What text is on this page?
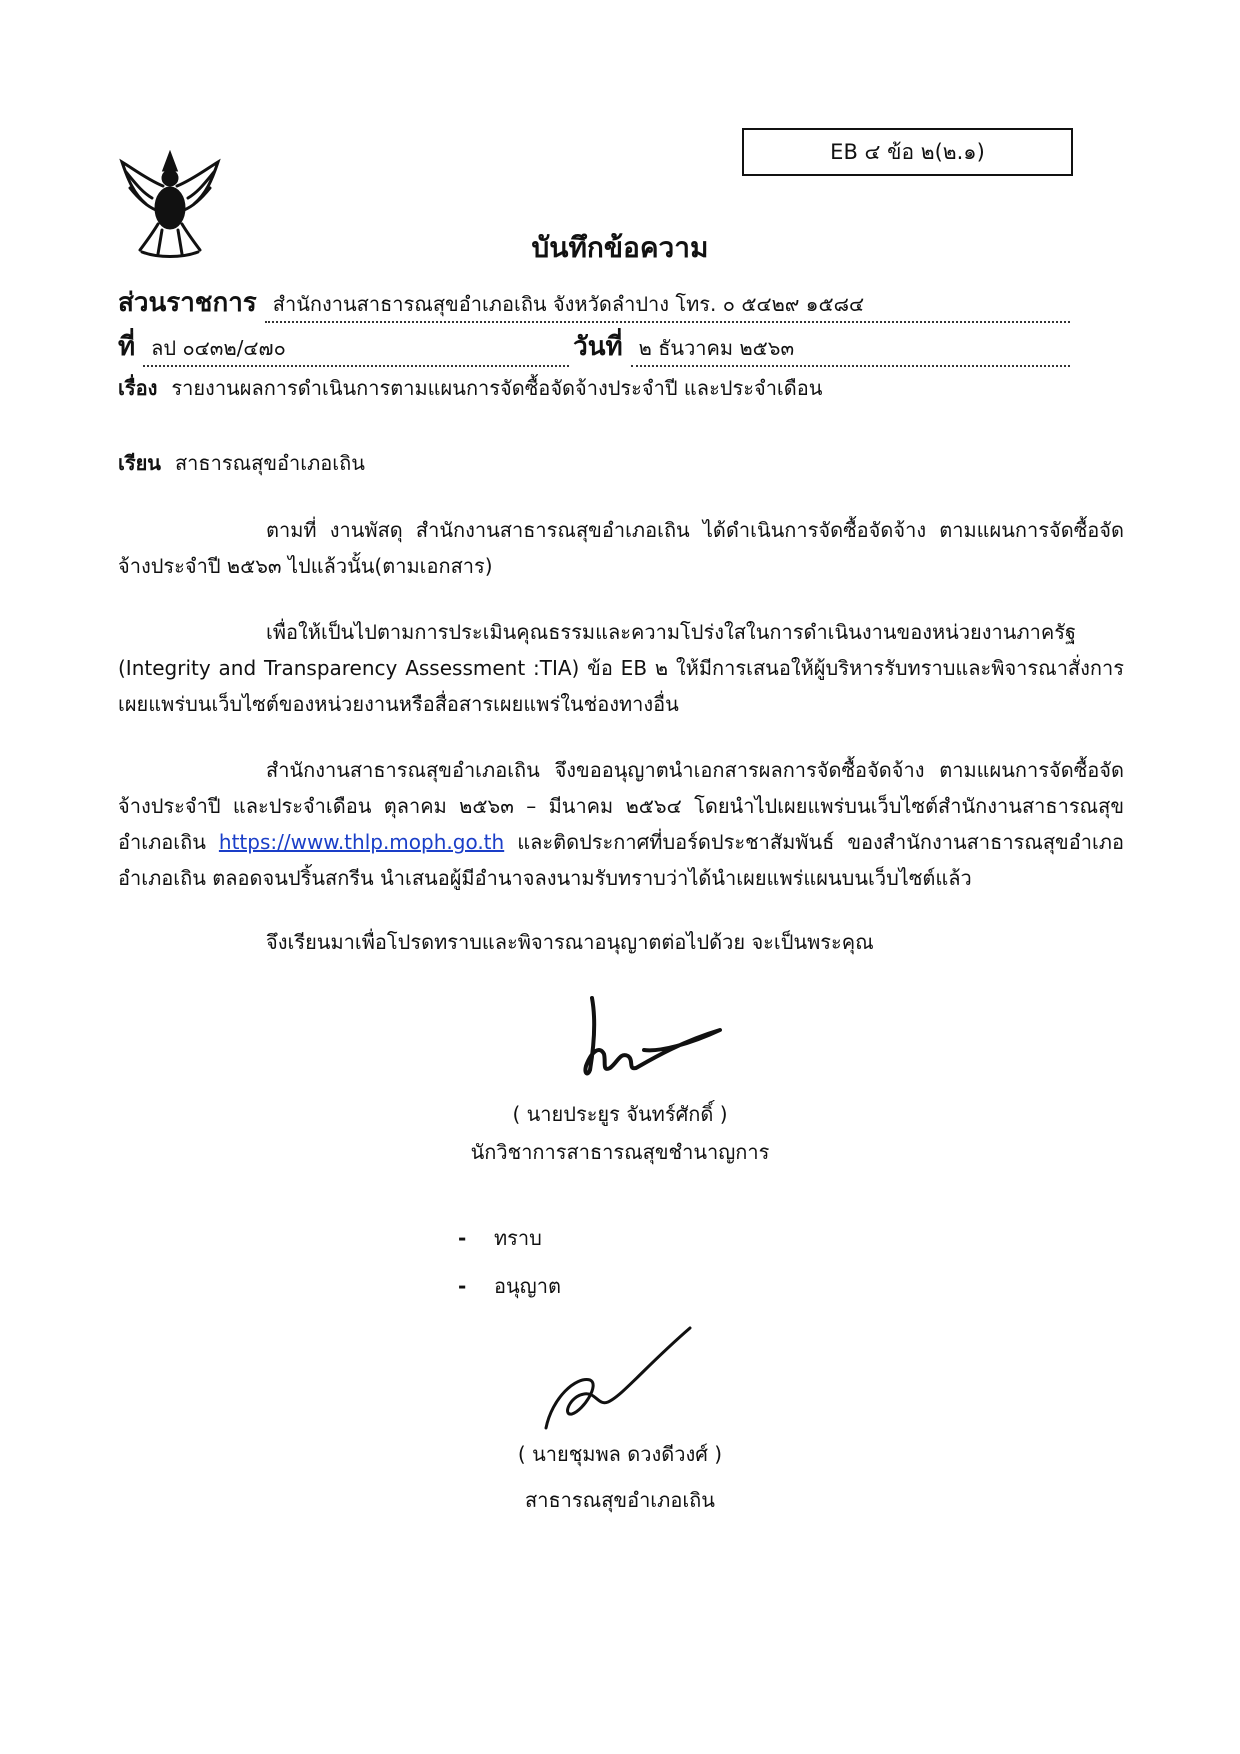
EB ๔ ข้อ ๒(๒.๑)
บันทึกข้อความ
ส่วนราชการ สำนักงานสาธารณสุขอำเภอเถิน จังหวัดลำปาง โทร. ๐ ๕๔๒๙ ๑๕๘๔
ที่ ลป ๐๔๓๒/๔๗๐	วันที่ ๒ ธันวาคม ๒๕๖๓
เรื่อง รายงานผลการดำเนินการตามแผนการจัดซื้อจัดจ้างประจำปี และประจำเดือน
เรียน สาธารณสุขอำเภอเถิน
ตามที่ งานพัสดุ สำนักงานสาธารณสุขอำเภอเถิน ได้ดำเนินการจัดซื้อจัดจ้าง ตามแผนการจัดซื้อจัดจ้างประจำปี ๒๕๖๓ ไปแล้วนั้น(ตามเอกสาร)
เพื่อให้เป็นไปตามการประเมินคุณธรรมและความโปร่งใสในการดำเนินงานของหน่วยงานภาครัฐ (Integrity and Transparency Assessment :TIA) ข้อ EB ๒ ให้มีการเสนอให้ผู้บริหารรับทราบและพิจารณาสั่งการเผยแพร่บนเว็บไซต์ของหน่วยงานหรือสื่อสารเผยแพร่ในช่องทางอื่น
สำนักงานสาธารณสุขอำเภอเถิน จึงขออนุญาตนำเอกสารผลการจัดซื้อจัดจ้าง ตามแผนการจัดซื้อจัดจ้างประจำปี และประจำเดือน ตุลาคม ๒๕๖๓ – มีนาคม ๒๕๖๔ โดยนำไปเผยแพร่บนเว็บไซต์สำนักงานสาธารณสุขอำเภอเถิน https://www.thlp.moph.go.th และติดประกาศที่บอร์ดประชาสัมพันธ์ ของสำนักงานสาธารณสุขอำเภออำเภอเถิน ตลอดจนปริ้นสกรีน นำเสนอผู้มีอำนาจลงนามรับทราบว่าได้นำเผยแพร่แผนบนเว็บไซต์แล้ว
จึงเรียนมาเพื่อโปรดทราบและพิจารณาอนุญาตต่อไปด้วย จะเป็นพระคุณ
( นายประยูร จันทร์ศักดิ์ )
นักวิชาการสาธารณสุขชำนาญการ
-	ทราบ
-	อนุญาต
( นายชุมพล ดวงดีวงศ์ )
สาธารณสุขอำเภอเถิน
